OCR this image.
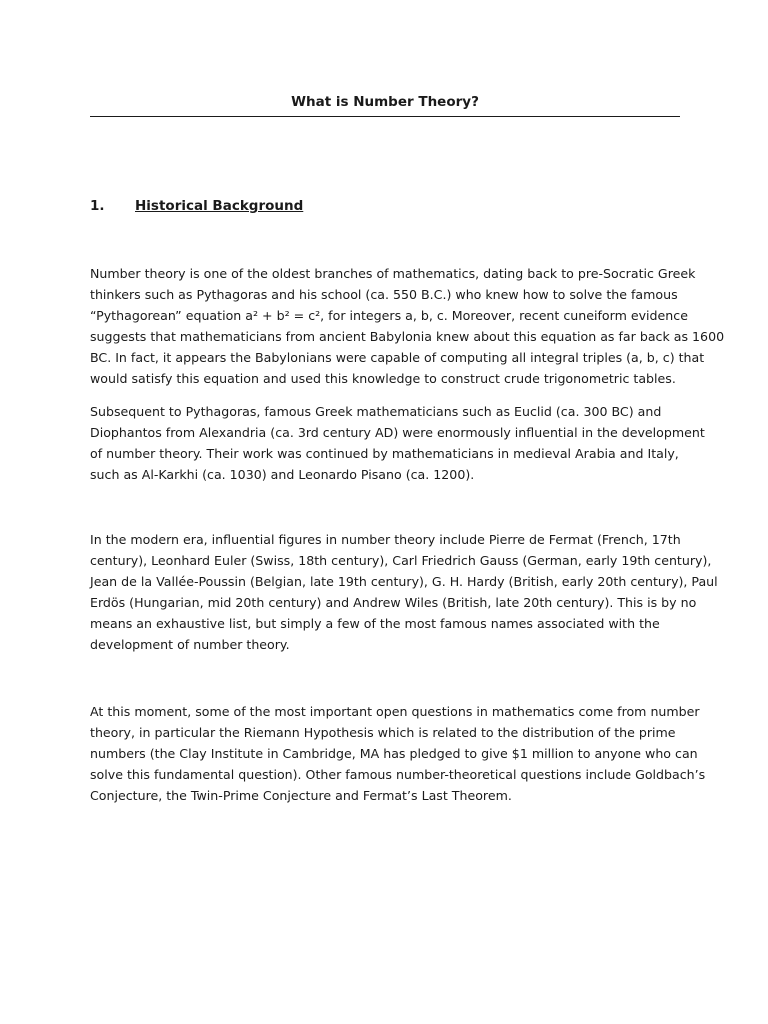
What is Number Theory?
1. Historical Background
Number theory is one of the oldest branches of mathematics, dating back to pre-Socratic Greek
thinkers such as Pythagoras and his school (ca. 550 B.C.) who knew how to solve the famous
“Pythagorean” equation a² + b² = c², for integers a, b, c. Moreover, recent cuneiform evidence
suggests that mathematicians from ancient Babylonia knew about this equation as far back as 1600
BC. In fact, it appears the Babylonians were capable of computing all integral triples (a, b, c) that
would satisfy this equation and used this knowledge to construct crude trigonometric tables.
Subsequent to Pythagoras, famous Greek mathematicians such as Euclid (ca. 300 BC) and
Diophantos from Alexandria (ca. 3rd century AD) were enormously influential in the development
of number theory. Their work was continued by mathematicians in medieval Arabia and Italy,
such as Al-Karkhi (ca. 1030) and Leonardo Pisano (ca. 1200).
In the modern era, influential figures in number theory include Pierre de Fermat (French, 17th
century), Leonhard Euler (Swiss, 18th century), Carl Friedrich Gauss (German, early 19th century),
Jean de la Vallée-Poussin (Belgian, late 19th century), G. H. Hardy (British, early 20th century), Paul
Erdös (Hungarian, mid 20th century) and Andrew Wiles (British, late 20th century). This is by no
means an exhaustive list, but simply a few of the most famous names associated with the
development of number theory.
At this moment, some of the most important open questions in mathematics come from number
theory, in particular the Riemann Hypothesis which is related to the distribution of the prime
numbers (the Clay Institute in Cambridge, MA has pledged to give $1 million to anyone who can
solve this fundamental question). Other famous number-theoretical questions include Goldbach’s
Conjecture, the Twin-Prime Conjecture and Fermat’s Last Theorem.
